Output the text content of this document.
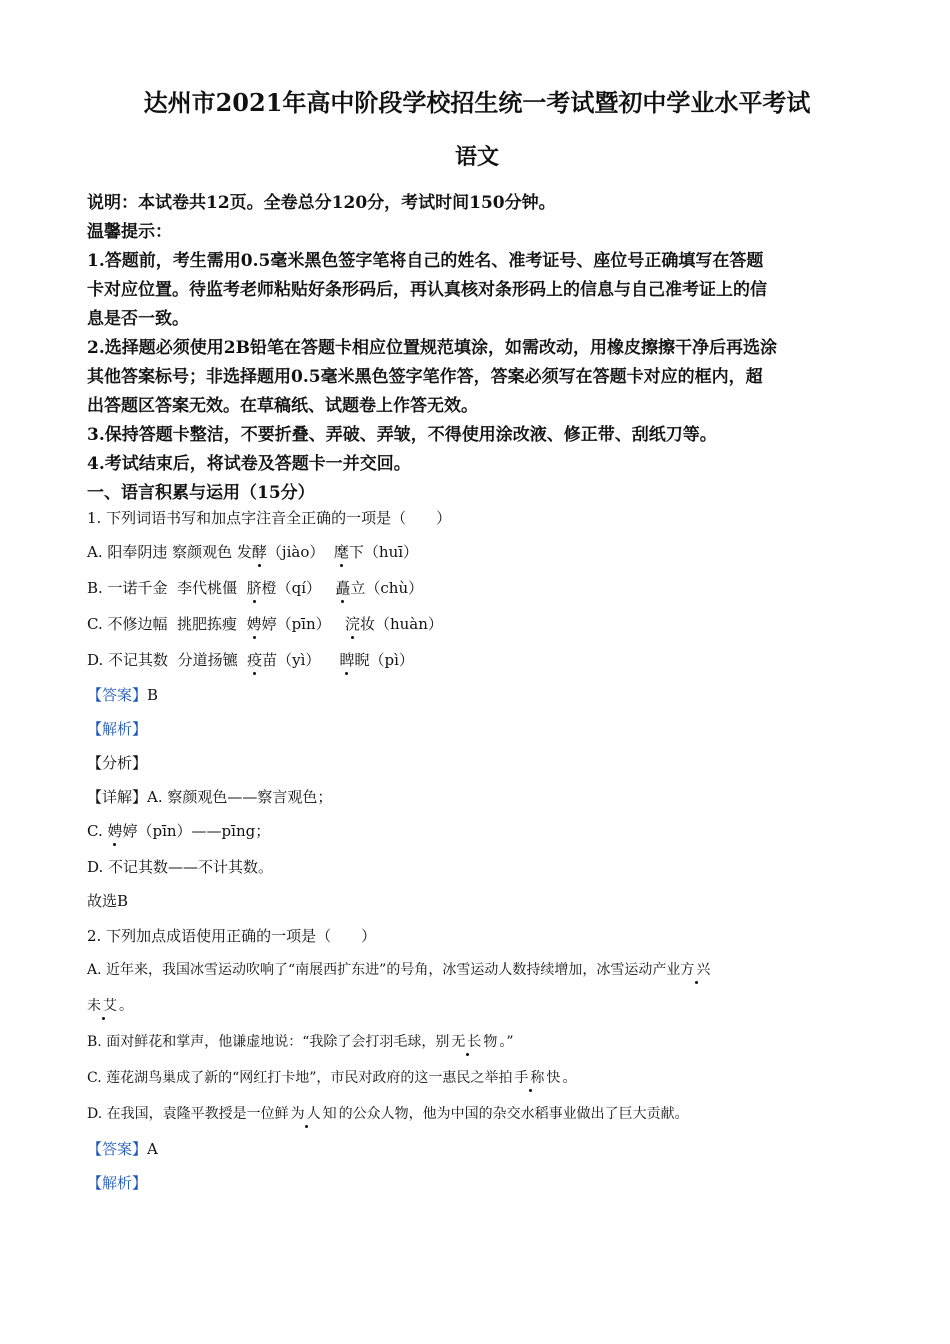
达州市2021年高中阶段学校招生统一考试暨初中学业水平考试
语文
说明：本试卷共12页。全卷总分120分，考试时间150分钟。
温馨提示：
1.答题前，考生需用0.5毫米黑色签字笔将自己的姓名、准考证号、座位号正确填写在答题
卡对应位置。待监考老师粘贴好条形码后，再认真核对条形码上的信息与自己准考证上的信
息是否一致。
2.选择题必须使用2B铅笔在答题卡相应位置规范填涂，如需改动，用橡皮擦擦干净后再选涂
其他答案标号；非选择题用0.5毫米黑色签字笔作答，答案必须写在答题卡对应的框内，超
出答题区答案无效。在草稿纸、试题卷上作答无效。
3.保持答题卡整洁，不要折叠、弄破、弄皱，不得使用涂改液、修正带、刮纸刀等。
4.考试结束后，将试卷及答题卡一并交回。
一、语言积累与运用（15分）
1. 下列词语书写和加点字注音全正确的一项是（　　）
A. 阳奉阴违 察颜观色 发酵（jiào）  麾下（huī）
B. 一诺千金  李代桃僵  脐橙（qí）   矗立（chù）
C. 不修边幅  挑肥拣瘦  娉婷（pīn）   浣妆（huàn）
D. 不记其数  分道扬镳  疫苗（yì）    睥睨（pì）
【答案】B
【解析】
【分析】
【详解】A. 察颜观色——察言观色；
C. 娉婷（pīn）——pīng；
D. 不记其数——不计其数。
故选B
2. 下列加点成语使用正确的一项是（　　）
A. 近年来，我国冰雪运动吹响了“南展西扩东进”的号角，冰雪运动人数持续增加，冰雪运动产业方兴
未艾。
B. 面对鲜花和掌声，他谦虚地说：“我除了会打羽毛球，别无长物。”
C. 莲花湖鸟巢成了新的“网红打卡地”，市民对政府的这一惠民之举拍手称快。
D. 在我国，袁隆平教授是一位鲜为人知的公众人物，他为中国的杂交水稻事业做出了巨大贡献。
【答案】A
【解析】
